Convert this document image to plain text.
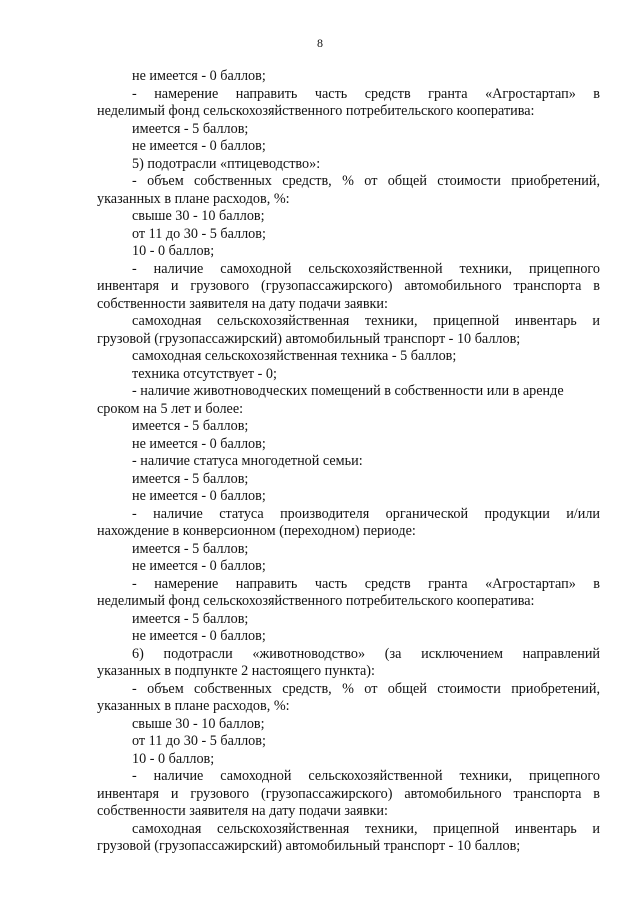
8
не имеется - 0 баллов;
- намерение направить часть средств гранта «Агростартап» в
неделимый фонд сельскохозяйственного потребительского кооператива:
имеется - 5 баллов;
не имеется - 0 баллов;
5) подотрасли «птицеводство»:
- объем собственных средств, % от общей стоимости приобретений,
указанных в плане расходов, %:
свыше 30 - 10 баллов;
от 11 до 30 - 5 баллов;
10 - 0 баллов;
- наличие самоходной сельскохозяйственной техники, прицепного
инвентаря и грузового (грузопассажирского) автомобильного транспорта в
собственности заявителя на дату подачи заявки:
самоходная сельскохозяйственная техники, прицепной инвентарь и
грузовой (грузопассажирский) автомобильный транспорт - 10 баллов;
самоходная сельскохозяйственная техника - 5 баллов;
техника отсутствует - 0;
- наличие животноводческих помещений в собственности или в аренде
сроком на 5 лет и более:
имеется - 5 баллов;
не имеется - 0 баллов;
- наличие статуса многодетной семьи:
имеется - 5 баллов;
не имеется - 0 баллов;
- наличие статуса производителя органической продукции и/или
нахождение в конверсионном (переходном) периоде:
имеется - 5 баллов;
не имеется - 0 баллов;
- намерение направить часть средств гранта «Агростартап» в
неделимый фонд сельскохозяйственного потребительского кооператива:
имеется - 5 баллов;
не имеется - 0 баллов;
6) подотрасли «животноводство» (за исключением направлений
указанных в подпункте 2 настоящего пункта):
- объем собственных средств, % от общей стоимости приобретений,
указанных в плане расходов, %:
свыше 30 - 10 баллов;
от 11 до 30 - 5 баллов;
10 - 0 баллов;
- наличие самоходной сельскохозяйственной техники, прицепного
инвентаря и грузового (грузопассажирского) автомобильного транспорта в
собственности заявителя на дату подачи заявки:
самоходная сельскохозяйственная техники, прицепной инвентарь и
грузовой (грузопассажирский) автомобильный транспорт - 10 баллов;
